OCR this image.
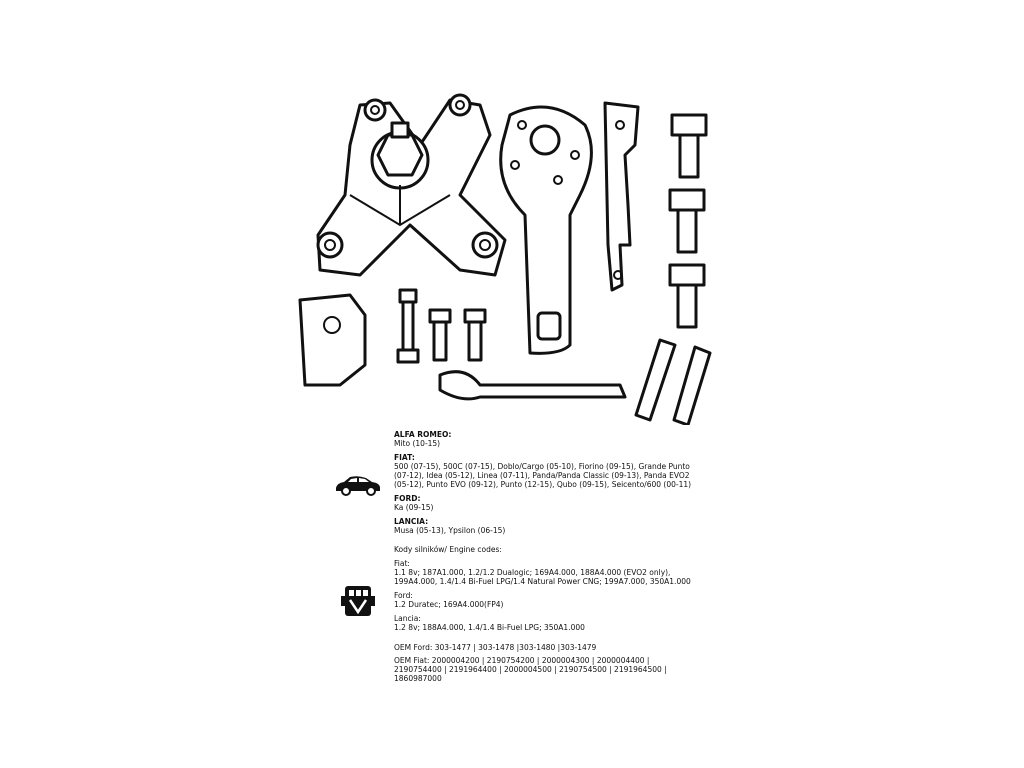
ALFA ROMEO:

Mito (10-15)

FIAT:

500 (07-15), 500C (07-15), Doblo/Cargo (05-10), Fiorino (09-15), Grande Punto
(07-12), Idea (05-12), Linea (07-11), Panda/Panda Classic (09-13), Panda EVO2
(05-12), Punto EVO (09-12), Punto (12-15), Qubo (09-15), Seicento/600 (00-11)

FORD:

Ka (09-15)

LANCIA:

Musa (05-13), Ypsilon (06-15)

Kody silników/ Engine codes:

Fiat:

1.1 8v; 187A1.000, 1.2/1.2 Dualogic; 169A4.000, 188A4.000 (EVO2 only),
199A4.000, 1.4/1.4 Bi-Fuel LPG/1.4 Natural Power CNG; 199A7.000, 350A1.000

Ford:

1.2 Duratec; 169A4.000(FP4)

Lancia:

1.2 8v; 188A4.000, 1.4/1.4 Bi-Fuel LPG; 350A1.000

OEM Ford: 303-1477 | 303-1478 |303-1480 |303-1479

OEM Fiat: 2000004200 | 2190754200 | 2000004300 | 2000004400 |
2190754400 | 2191964400 | 2000004500 | 2190754500 | 2191964500 |
1860987000
